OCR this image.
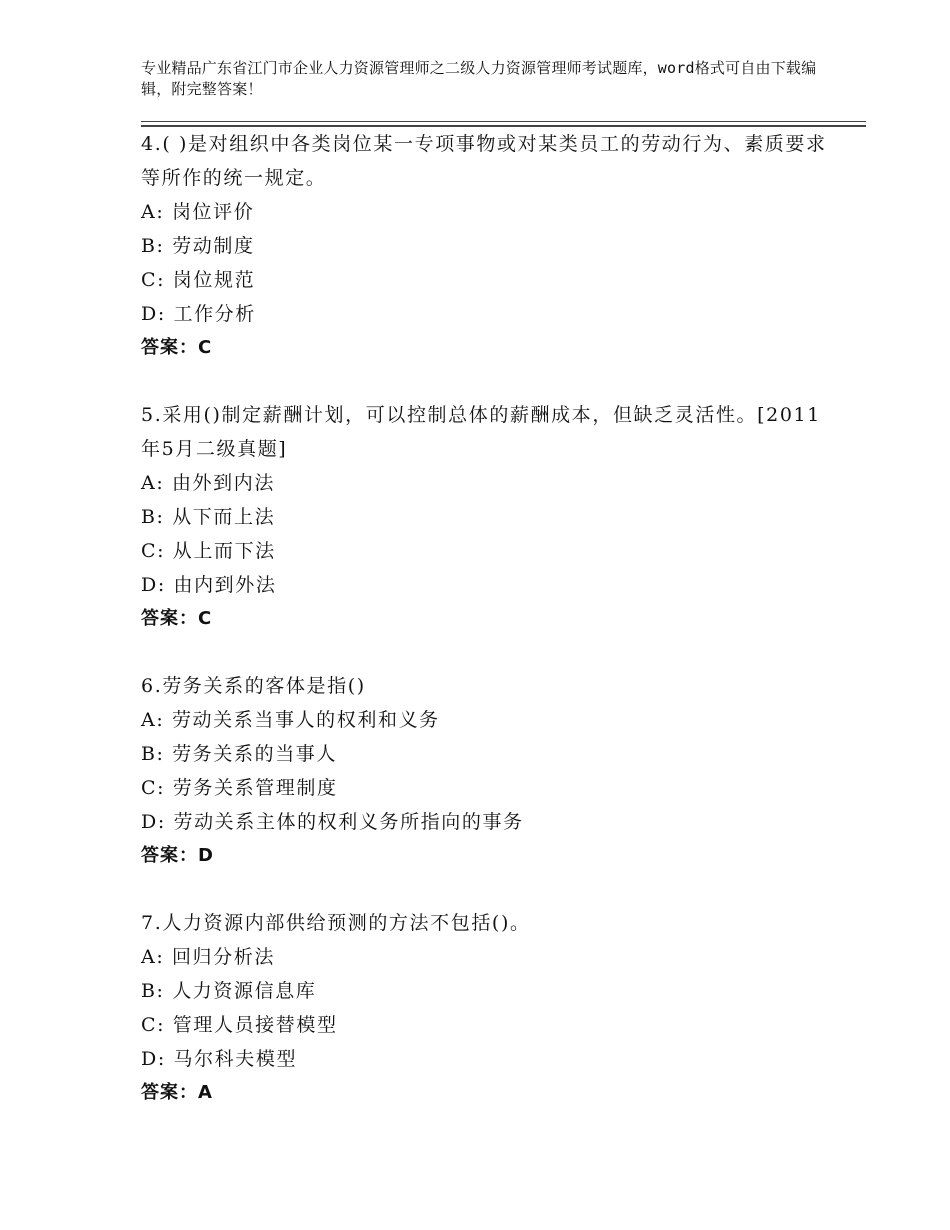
专业精品广东省江门市企业人力资源管理师之二级人力资源管理师考试题库，word格式可自由下载编辑，附完整答案！
4.( )是对组织中各类岗位某一专项事物或对某类员工的劳动行为、素质要求等所作的统一规定。
A: 岗位评价
B: 劳动制度
C: 岗位规范
D: 工作分析
答案：C
5.采用()制定薪酬计划，可以控制总体的薪酬成本，但缺乏灵活性。[2011年5月二级真题]
A: 由外到内法
B: 从下而上法
C: 从上而下法
D: 由内到外法
答案：C
6.劳务关系的客体是指()
A: 劳动关系当事人的权利和义务
B: 劳务关系的当事人
C: 劳务关系管理制度
D: 劳动关系主体的权利义务所指向的事务
答案：D
7.人力资源内部供给预测的方法不包括()。
A: 回归分析法
B: 人力资源信息库
C: 管理人员接替模型
D: 马尔科夫模型
答案：A
